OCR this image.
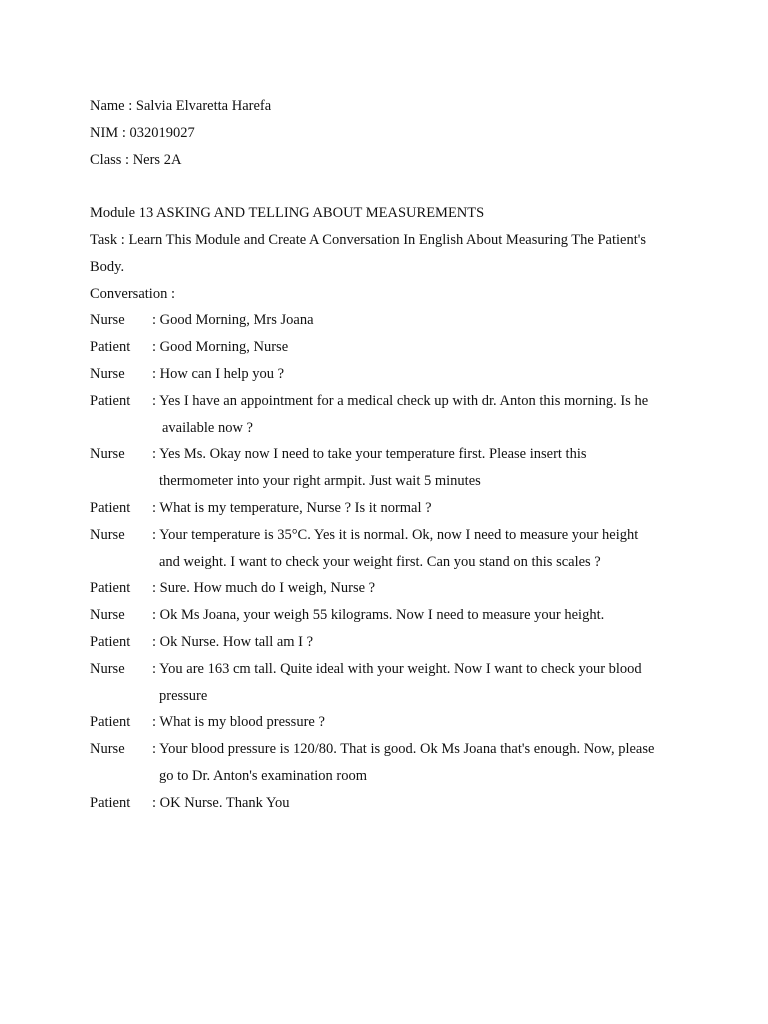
Name : Salvia Elvaretta Harefa
NIM : 032019027
Class : Ners 2A
Module 13 ASKING AND TELLING ABOUT MEASUREMENTS
Task : Learn This Module and Create A Conversation In English About Measuring The Patient's
Body.
Conversation :
Nurse	: Good Morning, Mrs Joana
Patient	: Good Morning, Nurse
Nurse	: How can I help you ?
Patient	: Yes I have an appointment for a medical check up with dr. Anton this morning. Is he
available now ?
Nurse	: Yes Ms. Okay now I need to take your temperature first. Please insert this
thermometer into your right armpit. Just wait 5 minutes
Patient	: What is my temperature, Nurse ? Is it normal ?
Nurse	: Your temperature is 35°C. Yes it is normal. Ok, now I need to measure your height
and weight. I want to check your weight first. Can you stand on this scales ?
Patient	: Sure. How much do I weigh, Nurse ?
Nurse	: Ok Ms Joana, your weigh 55 kilograms. Now I need to measure your height.
Patient	: Ok Nurse. How tall am I ?
Nurse	: You are 163 cm tall. Quite ideal with your weight. Now I want to check your blood
pressure
Patient	: What is my blood pressure ?
Nurse	: Your blood pressure is 120/80. That is good. Ok Ms Joana that's enough. Now, please
go to Dr. Anton's examination room
Patient	: OK Nurse. Thank You
